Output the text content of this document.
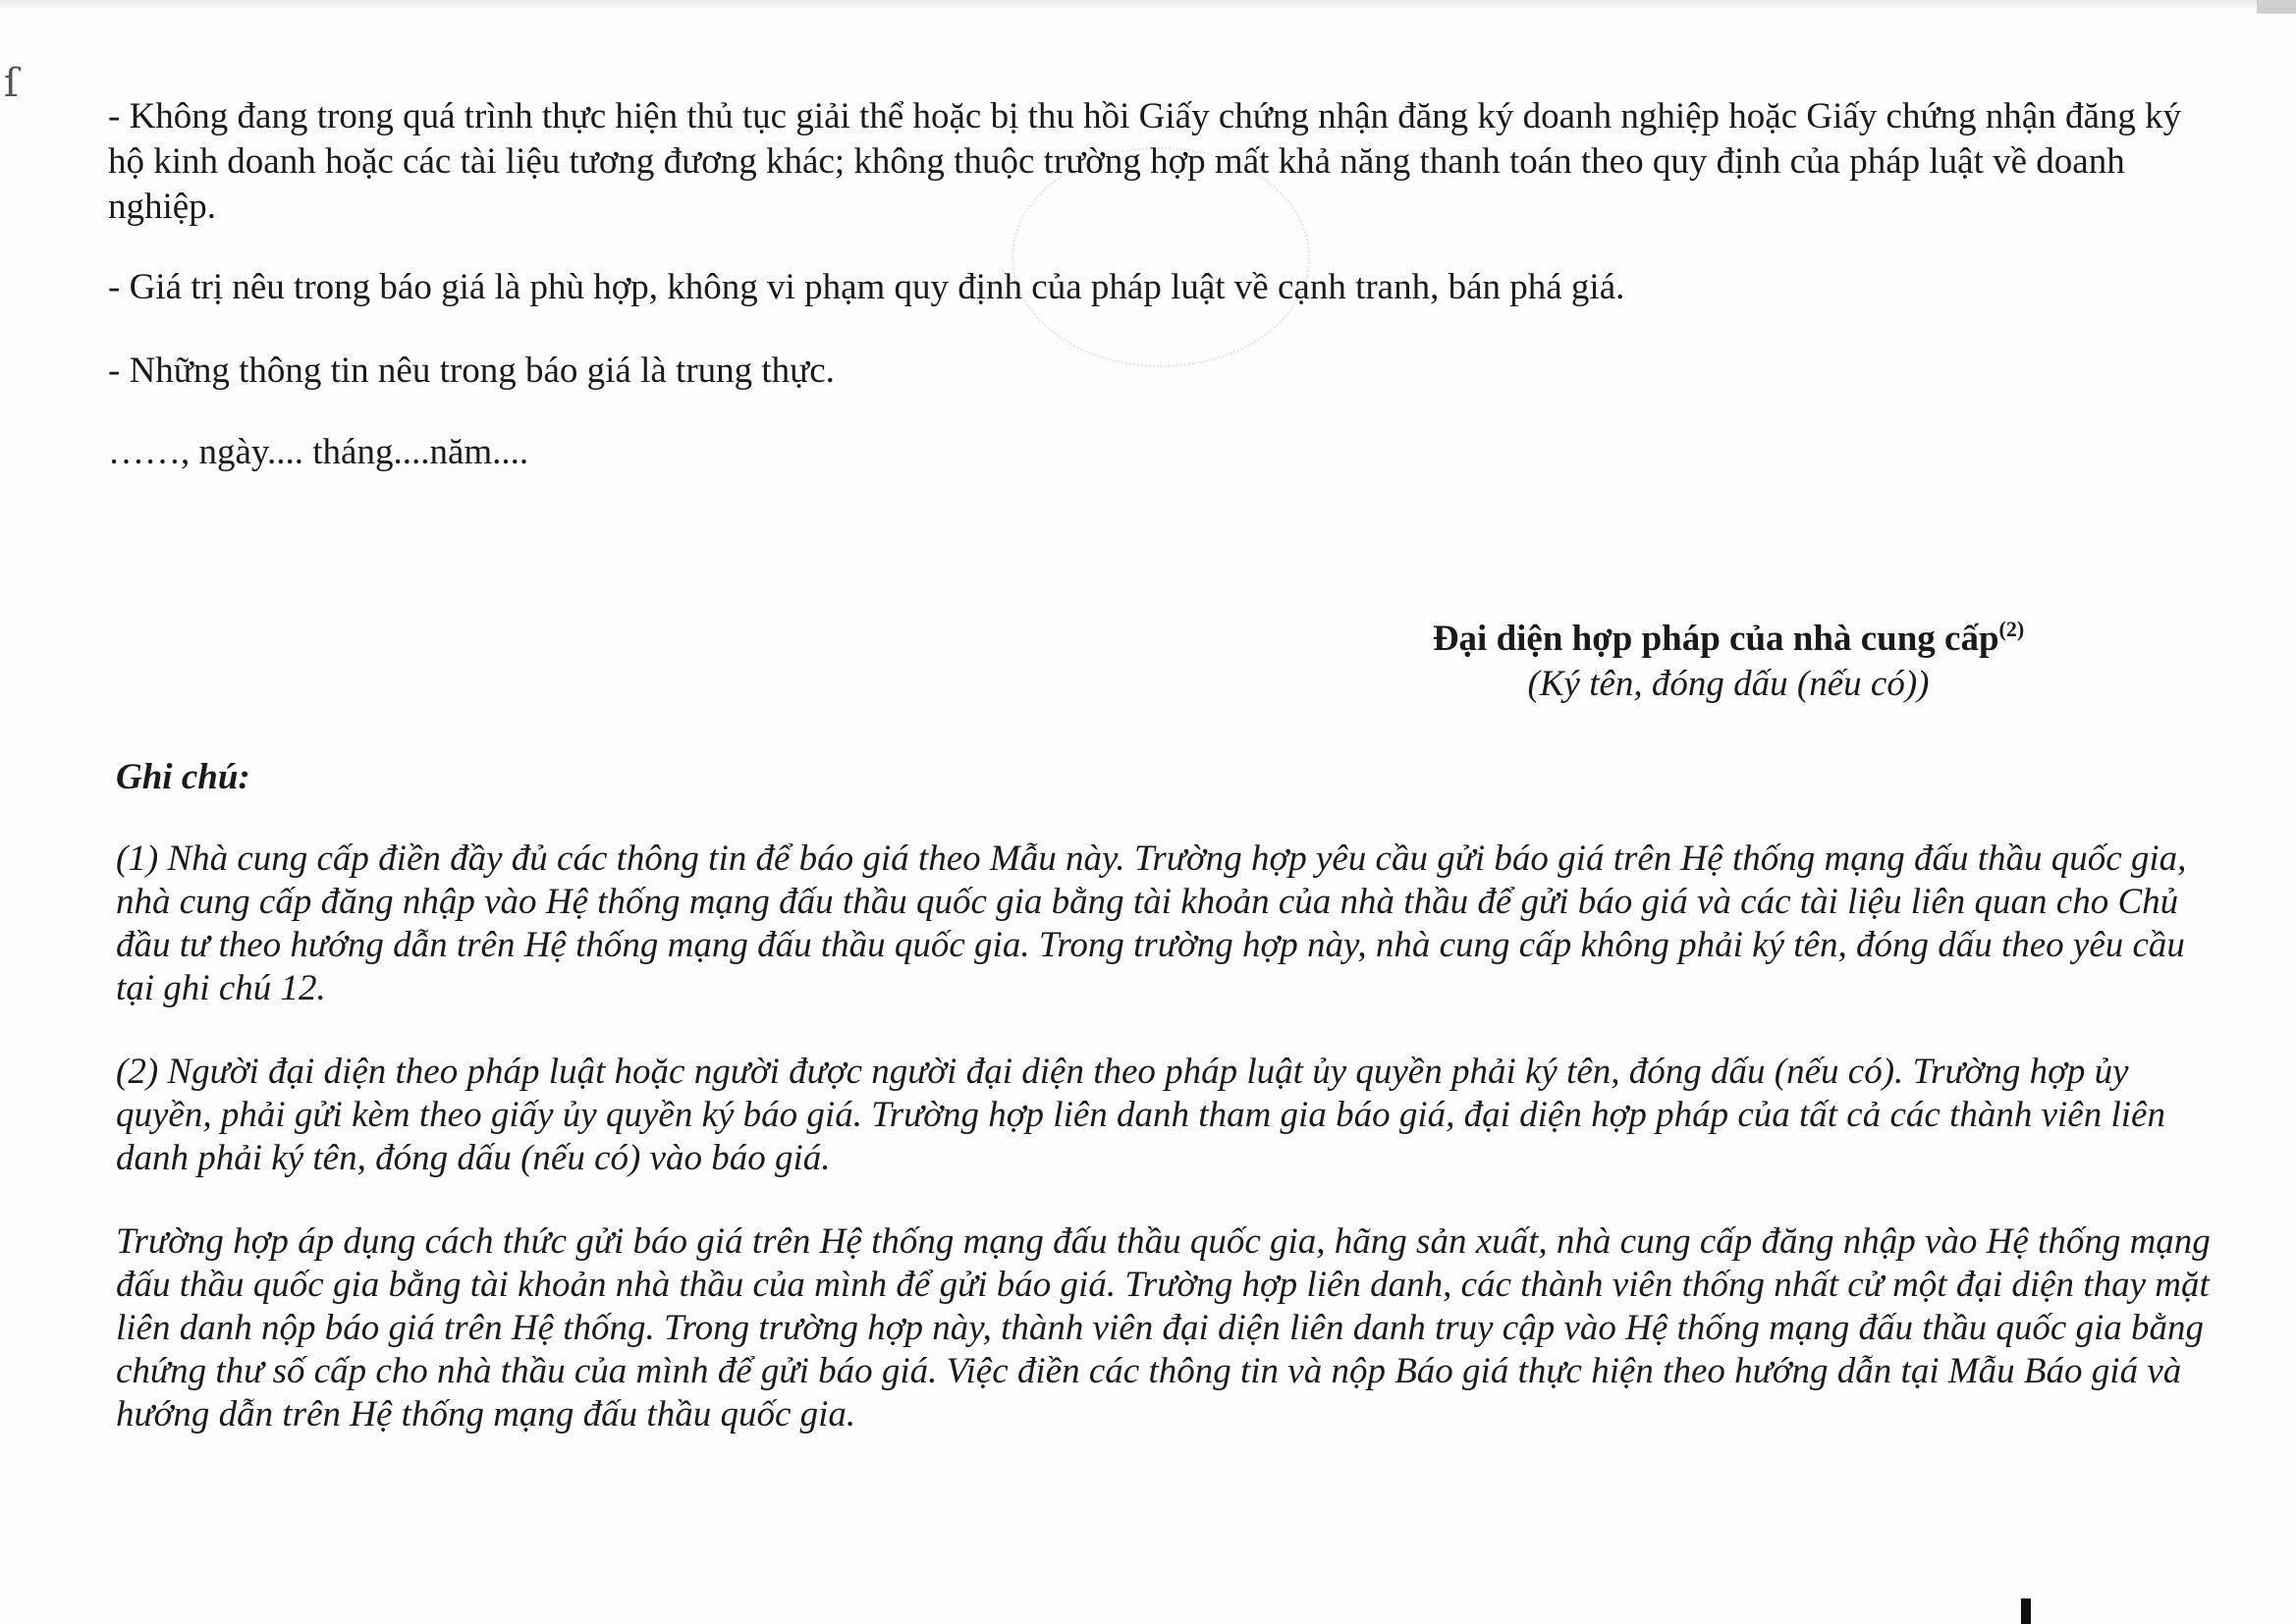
ſ

- Không đang trong quá trình thực hiện thủ tục giải thể hoặc bị thu hồi Giấy chứng nhận đăng ký doanh nghiệp hoặc Giấy chứng nhận đăng ký hộ kinh doanh hoặc các tài liệu tương đương khác; không thuộc trường hợp mất khả năng thanh toán theo quy định của pháp luật về doanh nghiệp.

- Giá trị nêu trong báo giá là phù hợp, không vi phạm quy định của pháp luật về cạnh tranh, bán phá giá.

- Những thông tin nêu trong báo giá là trung thực.

……, ngày.... tháng....năm....

Đại diện hợp pháp của nhà cung cấp$^{(2)}$
(Ký tên, đóng dấu (nếu có))

Ghi chú:

(1) Nhà cung cấp điền đầy đủ các thông tin để báo giá theo Mẫu này. Trường hợp yêu cầu gửi báo giá trên Hệ thống mạng đấu thầu quốc gia, nhà cung cấp đăng nhập vào Hệ thống mạng đấu thầu quốc gia bằng tài khoản của nhà thầu để gửi báo giá và các tài liệu liên quan cho Chủ đầu tư theo hướng dẫn trên Hệ thống mạng đấu thầu quốc gia. Trong trường hợp này, nhà cung cấp không phải ký tên, đóng dấu theo yêu cầu tại ghi chú 12.

(2) Người đại diện theo pháp luật hoặc người được người đại diện theo pháp luật ủy quyền phải ký tên, đóng dấu (nếu có). Trường hợp ủy quyền, phải gửi kèm theo giấy ủy quyền ký báo giá. Trường hợp liên danh tham gia báo giá, đại diện hợp pháp của tất cả các thành viên liên danh phải ký tên, đóng dấu (nếu có) vào báo giá.

Trường hợp áp dụng cách thức gửi báo giá trên Hệ thống mạng đấu thầu quốc gia, hãng sản xuất, nhà cung cấp đăng nhập vào Hệ thống mạng đấu thầu quốc gia bằng tài khoản nhà thầu của mình để gửi báo giá. Trường hợp liên danh, các thành viên thống nhất cử một đại diện thay mặt liên danh nộp báo giá trên Hệ thống. Trong trường hợp này, thành viên đại diện liên danh truy cập vào Hệ thống mạng đấu thầu quốc gia bằng chứng thư số cấp cho nhà thầu của mình để gửi báo giá. Việc điền các thông tin và nộp Báo giá thực hiện theo hướng dẫn tại Mẫu Báo giá và hướng dẫn trên Hệ thống mạng đấu thầu quốc gia.
